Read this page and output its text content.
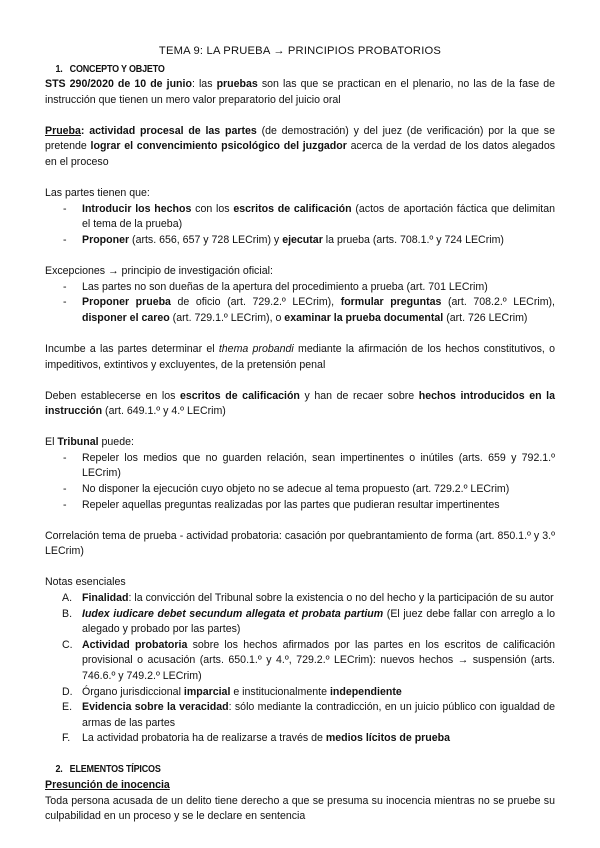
TEMA 9: LA PRUEBA → PRINCIPIOS PROBATORIOS
1. CONCEPTO Y OBJETO

STS 290/2020 de 10 de junio: las pruebas son las que se practican en el plenario, no las de la fase de instrucción que tienen un mero valor preparatorio del juicio oral

Prueba: actividad procesal de las partes (de demostración) y del juez (de verificación) por la que se pretende lograr el convencimiento psicológico del juzgador acerca de la verdad de los datos alegados en el proceso

Las partes tienen que:

- Introducir los hechos con los escritos de calificación (actos de aportación fáctica que delimitan el tema de la prueba)
- Proponer (arts. 656, 657 y 728 LECrim) y ejecutar la prueba (arts. 708.1.º y 724 LECrim)

Excepciones → principio de investigación oficial:

- Las partes no son dueñas de la apertura del procedimiento a prueba (art. 701 LECrim)
- Proponer prueba de oficio (art. 729.2.º LECrim), formular preguntas (art. 708.2.º LECrim), disponer el careo (art. 729.1.º LECrim), o examinar la prueba documental (art. 726 LECrim)

Incumbe a las partes determinar el thema probandi mediante la afirmación de los hechos constitutivos, o impeditivos, extintivos y excluyentes, de la pretensión penal

Deben establecerse en los escritos de calificación y han de recaer sobre hechos introducidos en la instrucción (art. 649.1.º y 4.º LECrim)

El Tribunal puede:

- Repeler los medios que no guarden relación, sean impertinentes o inútiles (arts. 659 y 792.1.º LECrim)
- No disponer la ejecución cuyo objeto no se adecue al tema propuesto (art. 729.2.º LECrim)
- Repeler aquellas preguntas realizadas por las partes que pudieran resultar impertinentes

Correlación tema de prueba - actividad probatoria: casación por quebrantamiento de forma (art. 850.1.º y 3.º LECrim)

Notas esenciales

A. Finalidad: la convicción del Tribunal sobre la existencia o no del hecho y la participación de su autor
B. Iudex iudicare debet secundum allegata et probata partium (El juez debe fallar con arreglo a lo alegado y probado por las partes)
C. Actividad probatoria sobre los hechos afirmados por las partes en los escritos de calificación provisional o acusación (arts. 650.1.º y 4.º, 729.2.º LECrim): nuevos hechos → suspensión (arts. 746.6.º y 749.2.º LECrim)
D. Órgano jurisdiccional imparcial e institucionalmente independiente
E. Evidencia sobre la veracidad: sólo mediante la contradicción, en un juicio público con igualdad de armas de las partes
F. La actividad probatoria ha de realizarse a través de medios lícitos de prueba
2. ELEMENTOS TÍPICOS

Presunción de inocencia

Toda persona acusada de un delito tiene derecho a que se presuma su inocencia mientras no se pruebe su culpabilidad en un proceso y se le declare en sentencia
